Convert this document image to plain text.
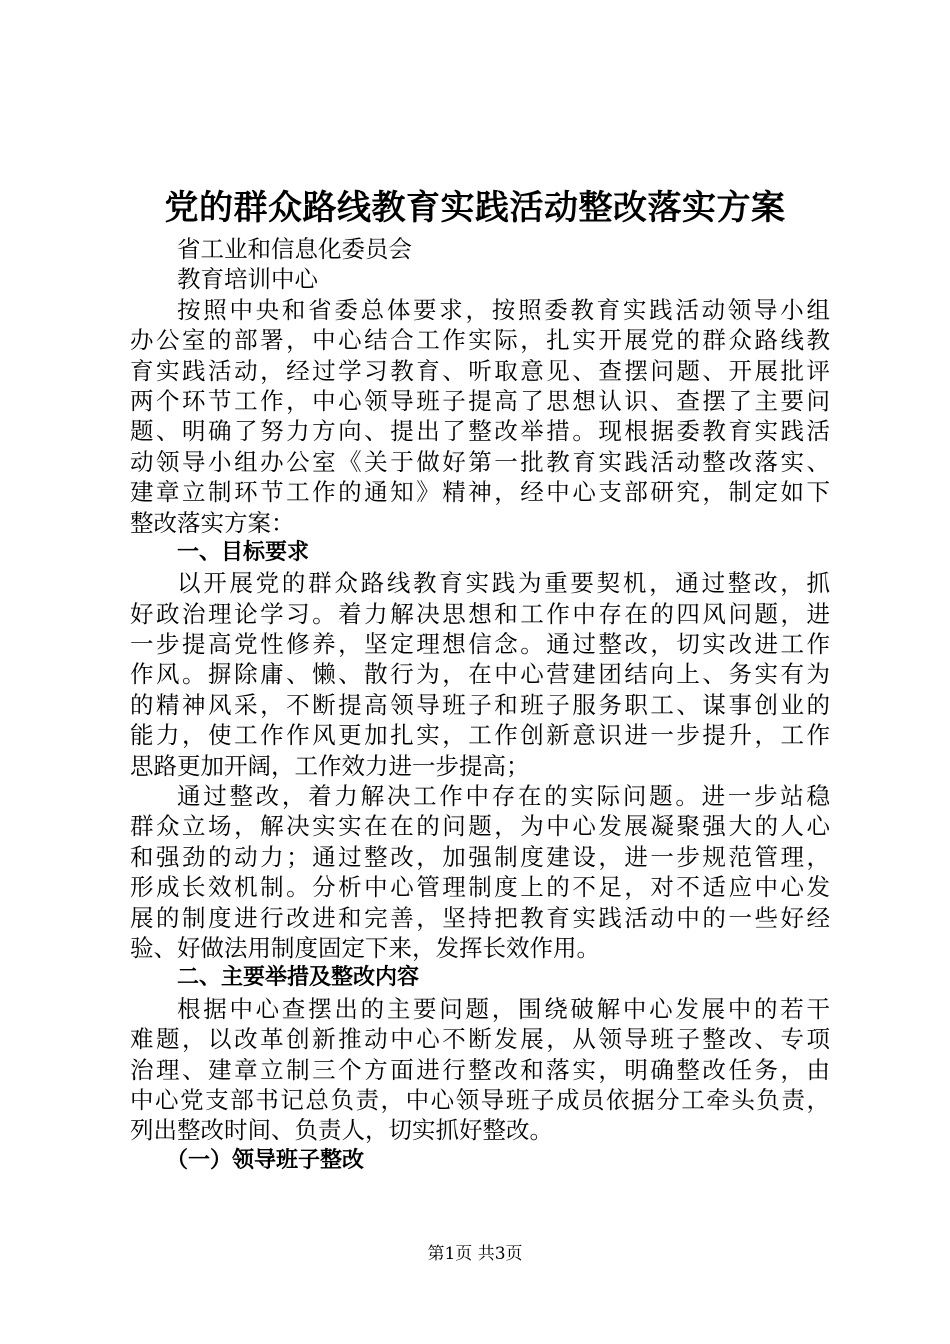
党的群众路线教育实践活动整改落实方案
省工业和信息化委员会
教育培训中心
按照中央和省委总体要求，按照委教育实践活动领导小组
办公室的部署，中心结合工作实际，扎实开展党的群众路线教
育实践活动，经过学习教育、听取意见、查摆问题、开展批评
两个环节工作，中心领导班子提高了思想认识、查摆了主要问
题、明确了努力方向、提出了整改举措。现根据委教育实践活
动领导小组办公室《关于做好第一批教育实践活动整改落实、
建章立制环节工作的通知》精神，经中心支部研究，制定如下
整改落实方案：
一、目标要求
以开展党的群众路线教育实践为重要契机，通过整改，抓
好政治理论学习。着力解决思想和工作中存在的四风问题，进
一步提高党性修养，坚定理想信念。通过整改，切实改进工作
作风。摒除庸、懒、散行为，在中心营建团结向上、务实有为
的精神风采，不断提高领导班子和班子服务职工、谋事创业的
能力，使工作作风更加扎实，工作创新意识进一步提升，工作
思路更加开阔，工作效力进一步提高；
通过整改，着力解决工作中存在的实际问题。进一步站稳
群众立场，解决实实在在的问题，为中心发展凝聚强大的人心
和强劲的动力；通过整改，加强制度建设，进一步规范管理，
形成长效机制。分析中心管理制度上的不足，对不适应中心发
展的制度进行改进和完善，坚持把教育实践活动中的一些好经
验、好做法用制度固定下来，发挥长效作用。
二、主要举措及整改内容
根据中心查摆出的主要问题，围绕破解中心发展中的若干
难题，以改革创新推动中心不断发展，从领导班子整改、专项
治理、建章立制三个方面进行整改和落实，明确整改任务，由
中心党支部书记总负责，中心领导班子成员依据分工牵头负责，
列出整改时间、负责人，切实抓好整改。
（一）领导班子整改
第1页 共3页
